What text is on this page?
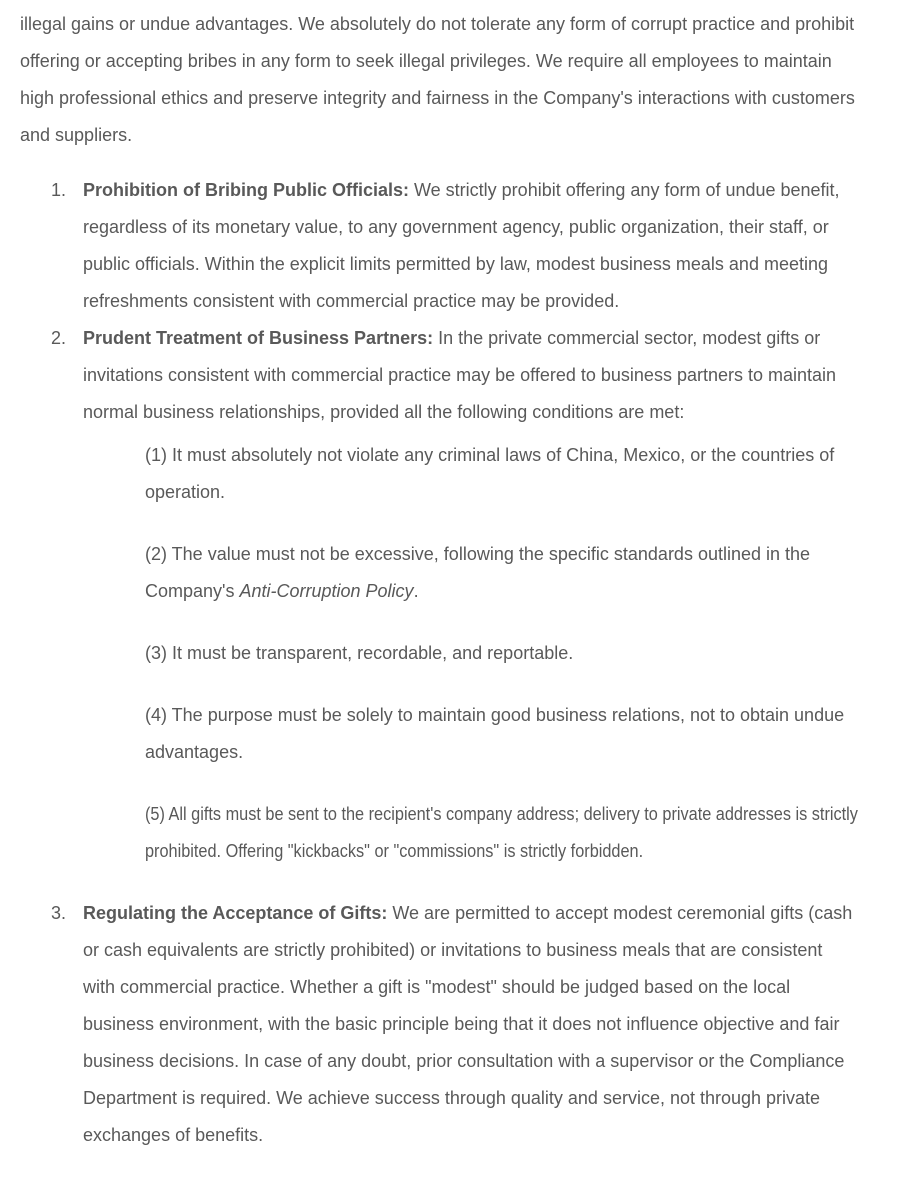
illegal gains or undue advantages. We absolutely do not tolerate any form of corrupt practice and prohibit offering or accepting bribes in any form to seek illegal privileges. We require all employees to maintain high professional ethics and preserve integrity and fairness in the Company's interactions with customers and suppliers.

1. Prohibition of Bribing Public Officials: We strictly prohibit offering any form of undue benefit, regardless of its monetary value, to any government agency, public organization, their staff, or public officials. Within the explicit limits permitted by law, modest business meals and meeting refreshments consistent with commercial practice may be provided.

2. Prudent Treatment of Business Partners: In the private commercial sector, modest gifts or invitations consistent with commercial practice may be offered to business partners to maintain normal business relationships, provided all the following conditions are met:

(1) It must absolutely not violate any criminal laws of China, Mexico, or the countries of operation.

(2) The value must not be excessive, following the specific standards outlined in the Company's Anti-Corruption Policy.

(3) It must be transparent, recordable, and reportable.

(4) The purpose must be solely to maintain good business relations, not to obtain undue advantages.

(5) All gifts must be sent to the recipient's company address; delivery to private addresses is strictly prohibited. Offering "kickbacks" or "commissions" is strictly forbidden.

3. Regulating the Acceptance of Gifts: We are permitted to accept modest ceremonial gifts (cash or cash equivalents are strictly prohibited) or invitations to business meals that are consistent with commercial practice. Whether a gift is "modest" should be judged based on the local business environment, with the basic principle being that it does not influence objective and fair business decisions. In case of any doubt, prior consultation with a supervisor or the Compliance Department is required. We achieve success through quality and service, not through private exchanges of benefits.
